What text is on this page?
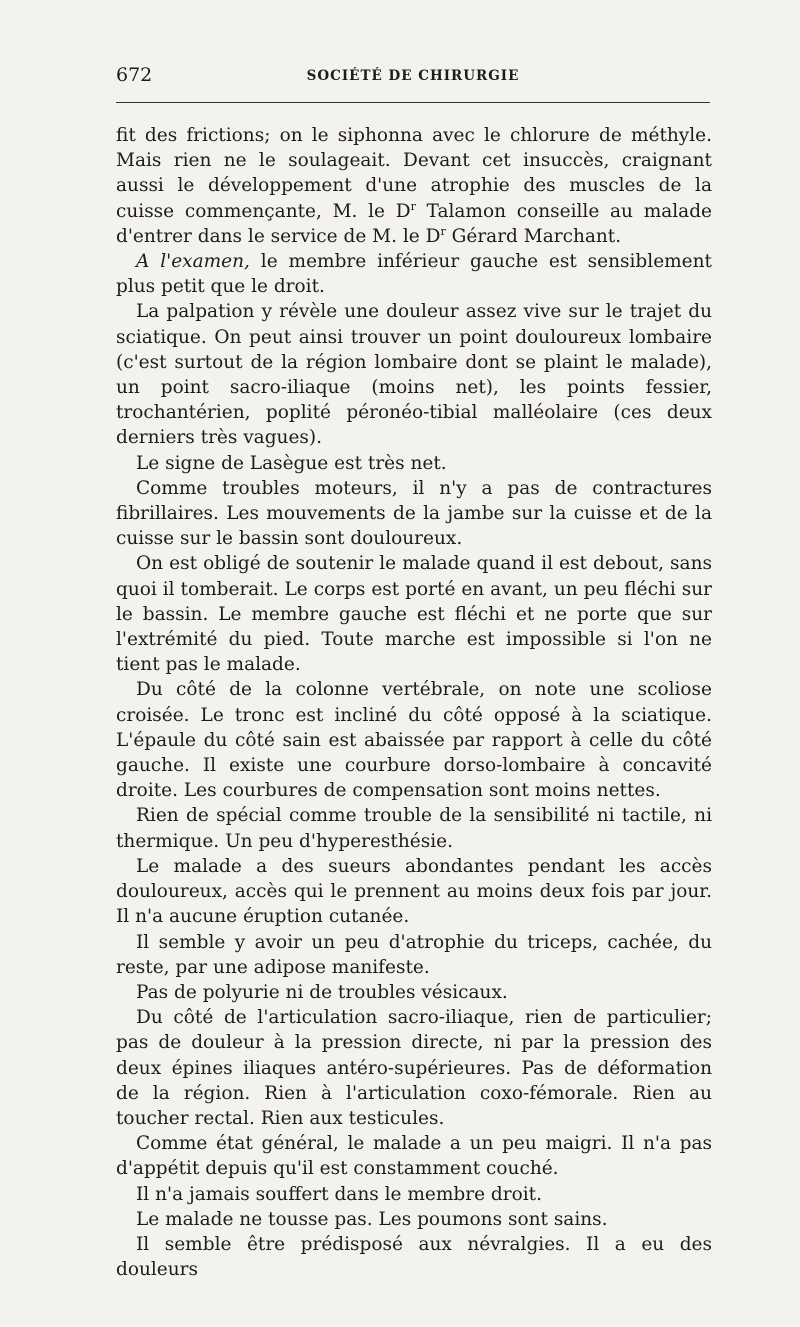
672	SOCIÉTÉ DE CHIRURGIE

fit des frictions; on le siphonna avec le chlorure de méthyle. Mais rien ne le soulageait. Devant cet insuccès, craignant aussi le développement d'une atrophie des muscles de la cuisse commençante, M. le $D^r$ Talamon conseille au malade d'entrer dans le service de M. le $D^r$ Gérard Marchant.

A l'examen, le membre inférieur gauche est sensiblement plus petit que le droit.

La palpation y révèle une douleur assez vive sur le trajet du sciatique. On peut ainsi trouver un point douloureux lombaire (c'est surtout de la région lombaire dont se plaint le malade), un point sacro-iliaque (moins net), les points fessier, trochantérien, poplité péronéo-tibial malléolaire (ces deux derniers très vagues).

Le signe de Lasègue est très net.

Comme troubles moteurs, il n'y a pas de contractures fibrillaires. Les mouvements de la jambe sur la cuisse et de la cuisse sur le bassin sont douloureux.

On est obligé de soutenir le malade quand il est debout, sans quoi il tomberait. Le corps est porté en avant, un peu fléchi sur le bassin. Le membre gauche est fléchi et ne porte que sur l'extrémité du pied. Toute marche est impossible si l'on ne tient pas le malade.

Du côté de la colonne vertébrale, on note une scoliose croisée. Le tronc est incliné du côté opposé à la sciatique. L'épaule du côté sain est abaissée par rapport à celle du côté gauche. Il existe une courbure dorso-lombaire à concavité droite. Les courbures de compensation sont moins nettes.

Rien de spécial comme trouble de la sensibilité ni tactile, ni thermique. Un peu d'hyperesthésie.

Le malade a des sueurs abondantes pendant les accès douloureux, accès qui le prennent au moins deux fois par jour. Il n'a aucune éruption cutanée.

Il semble y avoir un peu d'atrophie du triceps, cachée, du reste, par une adipose manifeste.

Pas de polyurie ni de troubles vésicaux.

Du côté de l'articulation sacro-iliaque, rien de particulier; pas de douleur à la pression directe, ni par la pression des deux épines iliaques antéro-supérieures. Pas de déformation de la région. Rien à l'articulation coxo-fémorale. Rien au toucher rectal. Rien aux testicules.

Comme état général, le malade a un peu maigri. Il n'a pas d'appétit depuis qu'il est constamment couché.

Il n'a jamais souffert dans le membre droit.

Le malade ne tousse pas. Les poumons sont sains.

Il semble être prédisposé aux névralgies. Il a eu des douleurs
